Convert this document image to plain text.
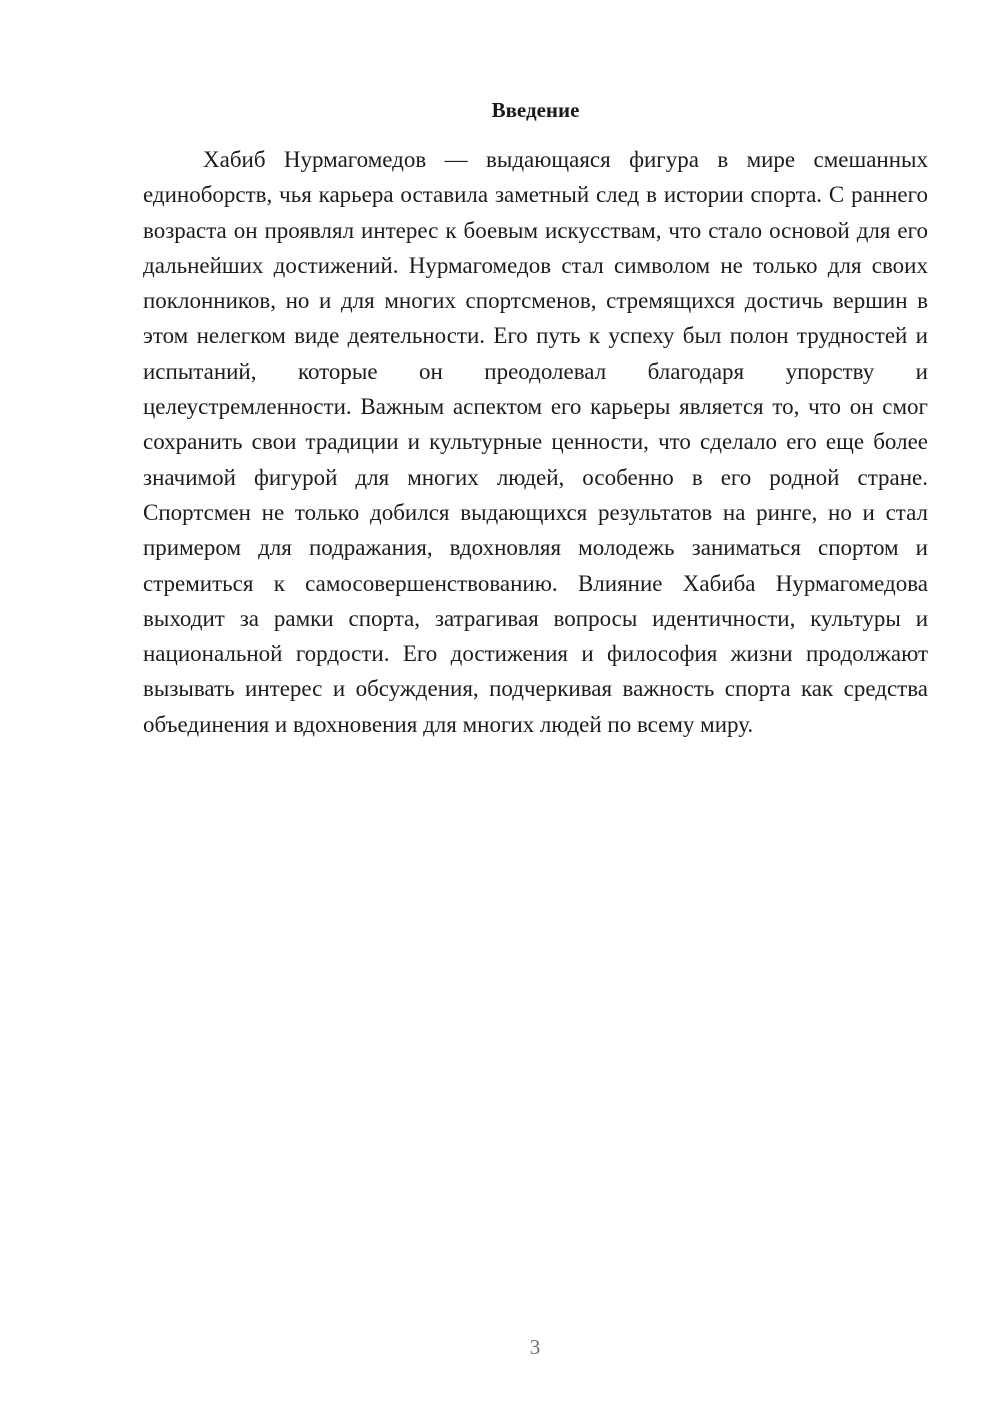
Введение

Хабиб Нурмагомедов — выдающаяся фигура в мире смешанных единоборств, чья карьера оставила заметный след в истории спорта. С раннего возраста он проявлял интерес к боевым искусствам, что стало основой для его дальнейших достижений. Нурмагомедов стал символом не только для своих поклонников, но и для многих спортсменов, стремящихся достичь вершин в этом нелегком виде деятельности. Его путь к успеху был полон трудностей и испытаний, которые он преодолевал благодаря упорству и целеустремленности. Важным аспектом его карьеры является то, что он смог сохранить свои традиции и культурные ценности, что сделало его еще более значимой фигурой для многих людей, особенно в его родной стране. Спортсмен не только добился выдающихся результатов на ринге, но и стал примером для подражания, вдохновляя молодежь заниматься спортом и стремиться к самосовершенствованию. Влияние Хабиба Нурмагомедова выходит за рамки спорта, затрагивая вопросы идентичности, культуры и национальной гордости. Его достижения и философия жизни продолжают вызывать интерес и обсуждения, подчеркивая важность спорта как средства объединения и вдохновения для многих людей по всему миру.

3
